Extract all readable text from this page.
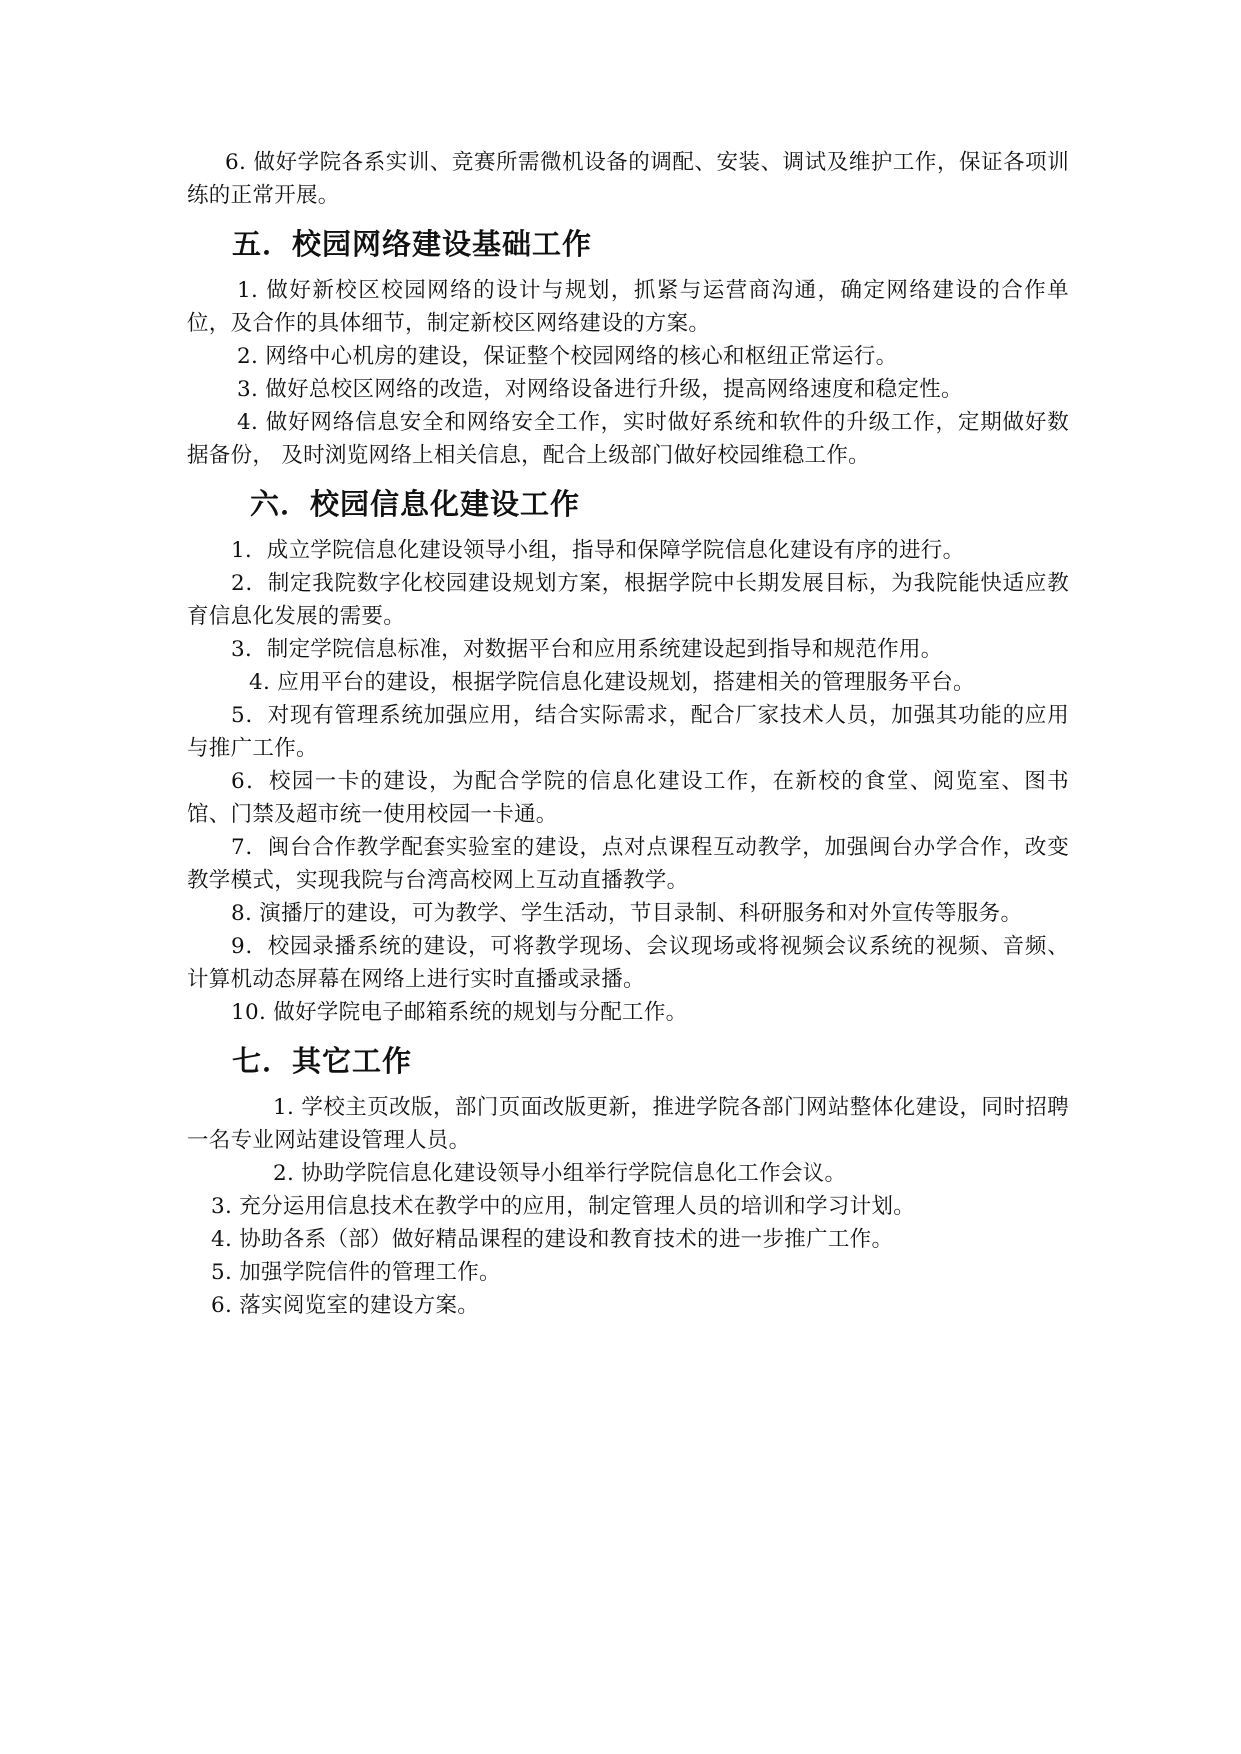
6. 做好学院各系实训、竞赛所需微机设备的调配、安装、调试及维护工作，保证各项训练的正常开展。

五．校园网络建设基础工作

1. 做好新校区校园网络的设计与规划，抓紧与运营商沟通，确定网络建设的合作单位，及合作的具体细节，制定新校区网络建设的方案。

2. 网络中心机房的建设，保证整个校园网络的核心和枢纽正常运行。

3. 做好总校区网络的改造，对网络设备进行升级，提高网络速度和稳定性。

4. 做好网络信息安全和网络安全工作，实时做好系统和软件的升级工作，定期做好数据备份， 及时浏览网络上相关信息，配合上级部门做好校园维稳工作。

六．校园信息化建设工作

1．成立学院信息化建设领导小组，指导和保障学院信息化建设有序的进行。

2．制定我院数字化校园建设规划方案，根据学院中长期发展目标，为我院能快适应教育信息化发展的需要。

3．制定学院信息标准，对数据平台和应用系统建设起到指导和规范作用。

4. 应用平台的建设，根据学院信息化建设规划，搭建相关的管理服务平台。

5．对现有管理系统加强应用，结合实际需求，配合厂家技术人员，加强其功能的应用与推广工作。

6．校园一卡的建设，为配合学院的信息化建设工作，在新校的食堂、阅览室、图书馆、门禁及超市统一使用校园一卡通。

7．闽台合作教学配套实验室的建设，点对点课程互动教学，加强闽台办学合作，改变教学模式，实现我院与台湾高校网上互动直播教学。

8. 演播厅的建设，可为教学、学生活动，节目录制、科研服务和对外宣传等服务。

9．校园录播系统的建设，可将教学现场、会议现场或将视频会议系统的视频、音频、计算机动态屏幕在网络上进行实时直播或录播。

10. 做好学院电子邮箱系统的规划与分配工作。

七．其它工作

1. 学校主页改版，部门页面改版更新，推进学院各部门网站整体化建设，同时招聘一名专业网站建设管理人员。

2. 协助学院信息化建设领导小组举行学院信息化工作会议。

3. 充分运用信息技术在教学中的应用，制定管理人员的培训和学习计划。

4. 协助各系（部）做好精品课程的建设和教育技术的进一步推广工作。

5. 加强学院信件的管理工作。

6. 落实阅览室的建设方案。
